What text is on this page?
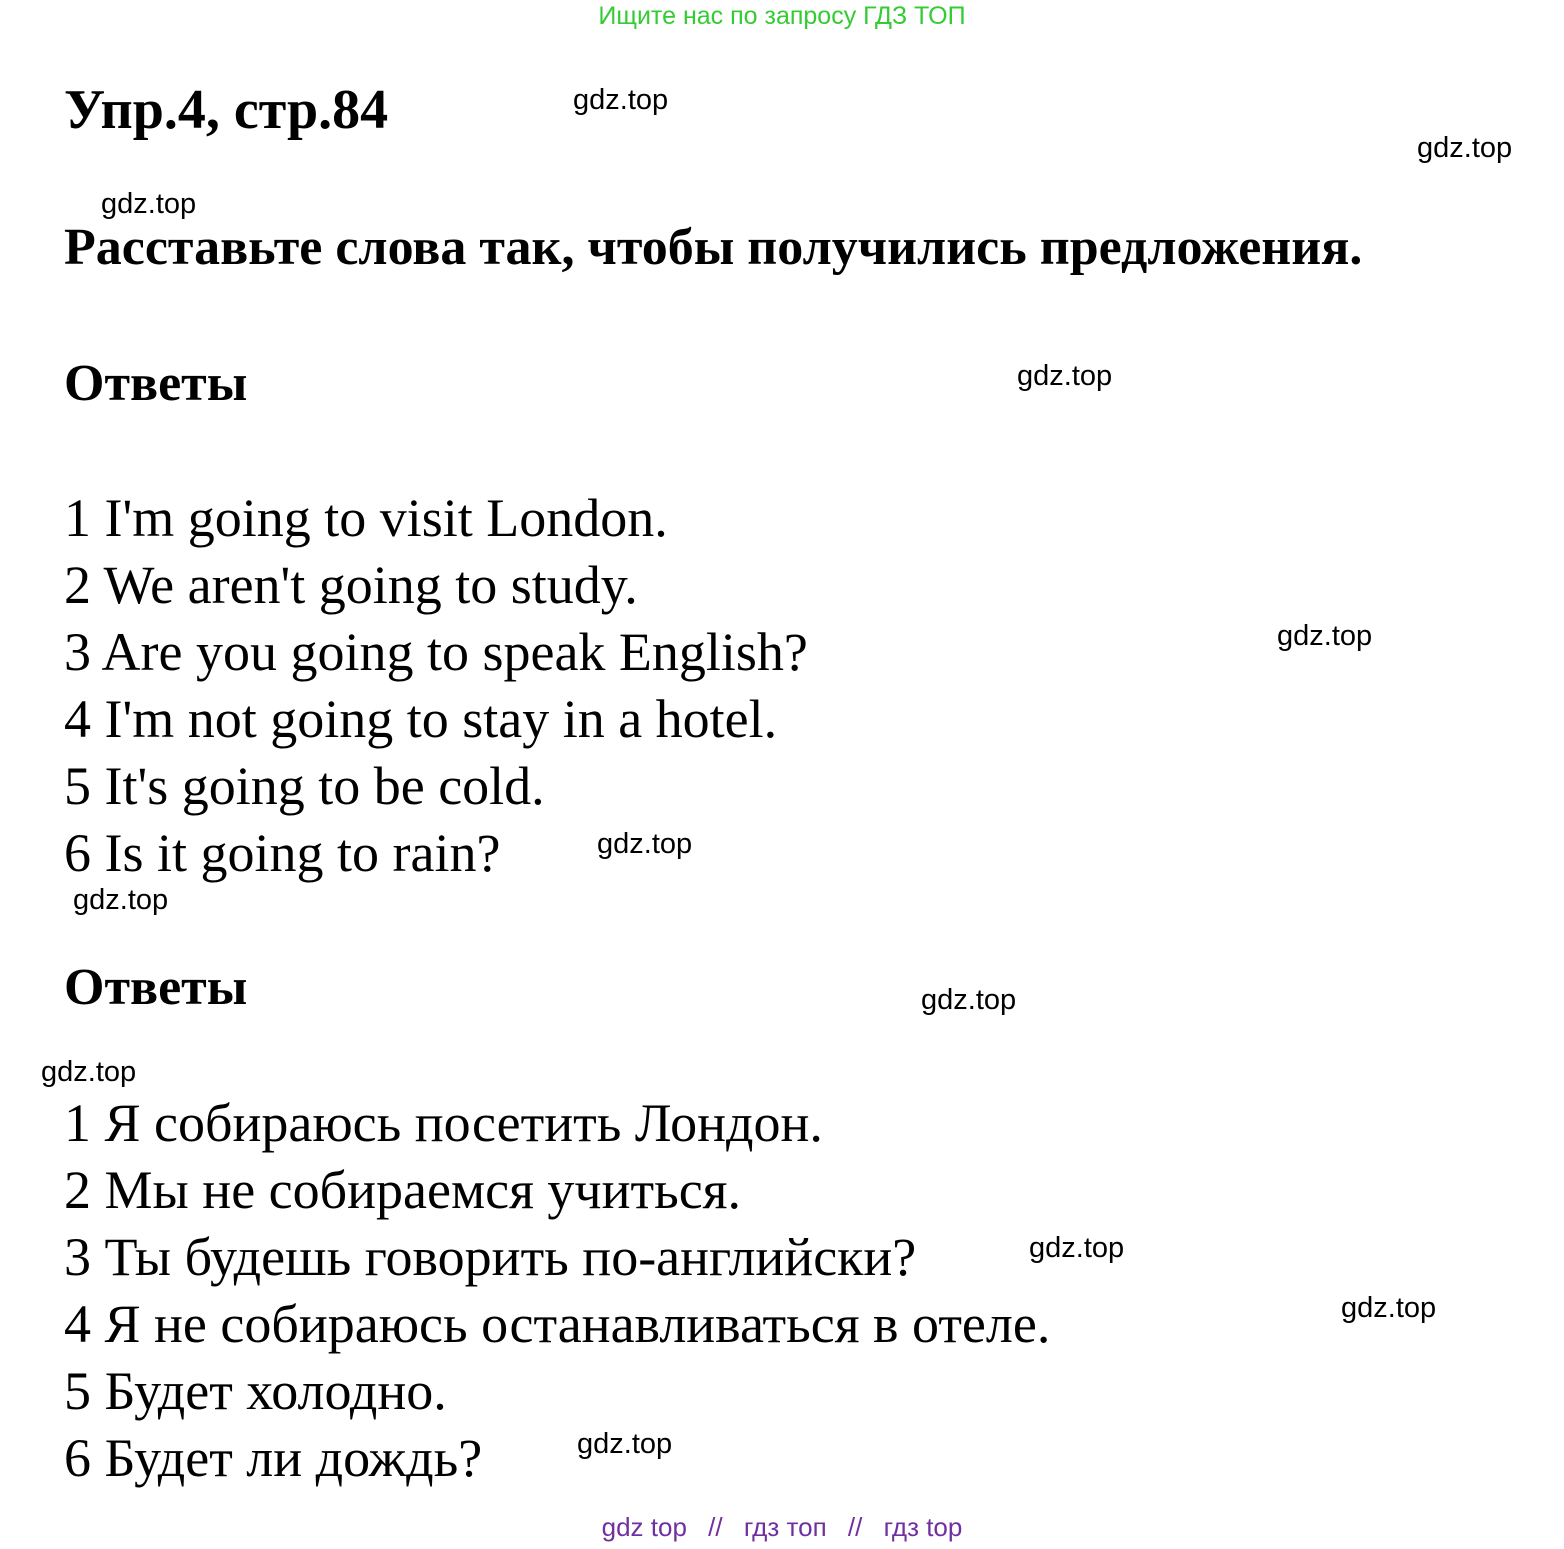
Ищите нас по запросу ГДЗ ТОП
Упр.4, стр.84
Расставьте слова так, чтобы получились предложения.
Ответы
1 I'm going to visit London.
2 We aren't going to study.
3 Are you going to speak English?
4 I'm not going to stay in a hotel.
5 It's going to be cold.
6 Is it going to rain?
Ответы
1 Я собираюсь посетить Лондон.
2 Мы не собираемся учиться.
3 Ты будешь говорить по-английски?
4 Я не собираюсь останавливаться в отеле.
5 Будет холодно.
6 Будет ли дождь?
gdz.top
gdz.top
gdz.top
gdz.top
gdz.top
gdz.top
gdz.top
gdz.top
gdz.top
gdz.top
gdz.top
gdz.top
gdz top // гдз топ // гдз top
